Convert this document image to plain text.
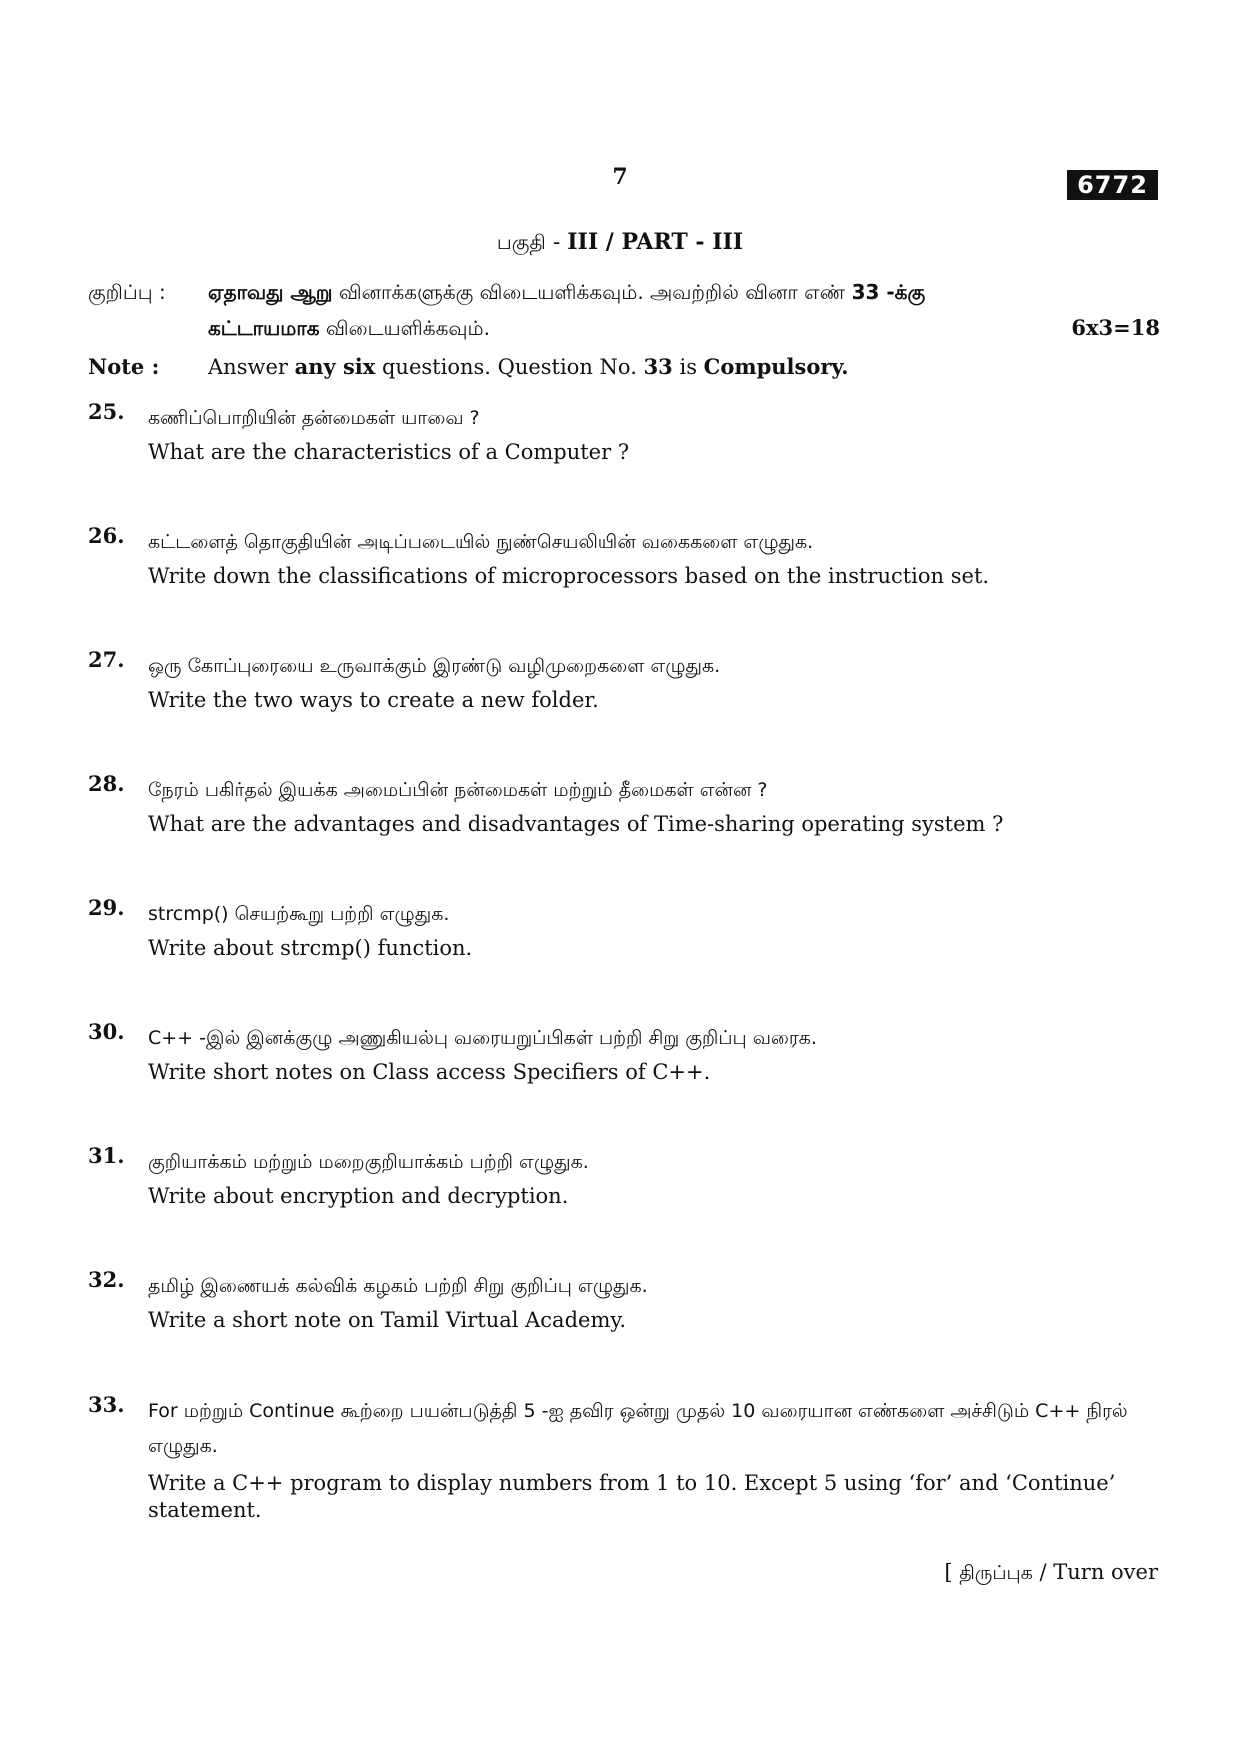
7	6772
பகுதி - III / PART - III
குறிப்பு : ஏதாவது ஆறு வினாக்களுக்கு விடையளிக்கவும். அவற்றில் வினா எண் 33 -க்கு
கட்டாயமாக விடையளிக்கவும்.	6x3=18
Note : Answer any six questions. Question No. 33 is Compulsory.
25. கணிப்பொறியின் தன்மைகள் யாவை ?
What are the characteristics of a Computer ?
26. கட்டளைத் தொகுதியின் அடிப்படையில் நுண்செயலியின் வகைகளை எழுதுக.
Write down the classifications of microprocessors based on the instruction set.
27. ஒரு கோப்புரையை உருவாக்கும் இரண்டு வழிமுறைகளை எழுதுக.
Write the two ways to create a new folder.
28. நேரம் பகிர்தல் இயக்க அமைப்பின் நன்மைகள் மற்றும் தீமைகள் என்ன ?
What are the advantages and disadvantages of Time-sharing operating system ?
29. strcmp() செயற்கூறு பற்றி எழுதுக.
Write about strcmp() function.
30. C++ -இல் இனக்குழு அணுகியல்பு வரையறுப்பிகள் பற்றி சிறு குறிப்பு வரைக.
Write short notes on Class access Specifiers of C++.
31. குறியாக்கம் மற்றும் மறைகுறியாக்கம் பற்றி எழுதுக.
Write about encryption and decryption.
32. தமிழ் இணையக் கல்விக் கழகம் பற்றி சிறு குறிப்பு எழுதுக.
Write a short note on Tamil Virtual Academy.
33. For மற்றும் Continue கூற்றை பயன்படுத்தி 5 -ஐ தவிர ஒன்று முதல் 10 வரையான எண்களை அச்சிடும் C++ நிரல் எழுதுக.
Write a C++ program to display numbers from 1 to 10. Except 5 using ‘for’ and ‘Continue’ statement.
[ திருப்புக / Turn over
